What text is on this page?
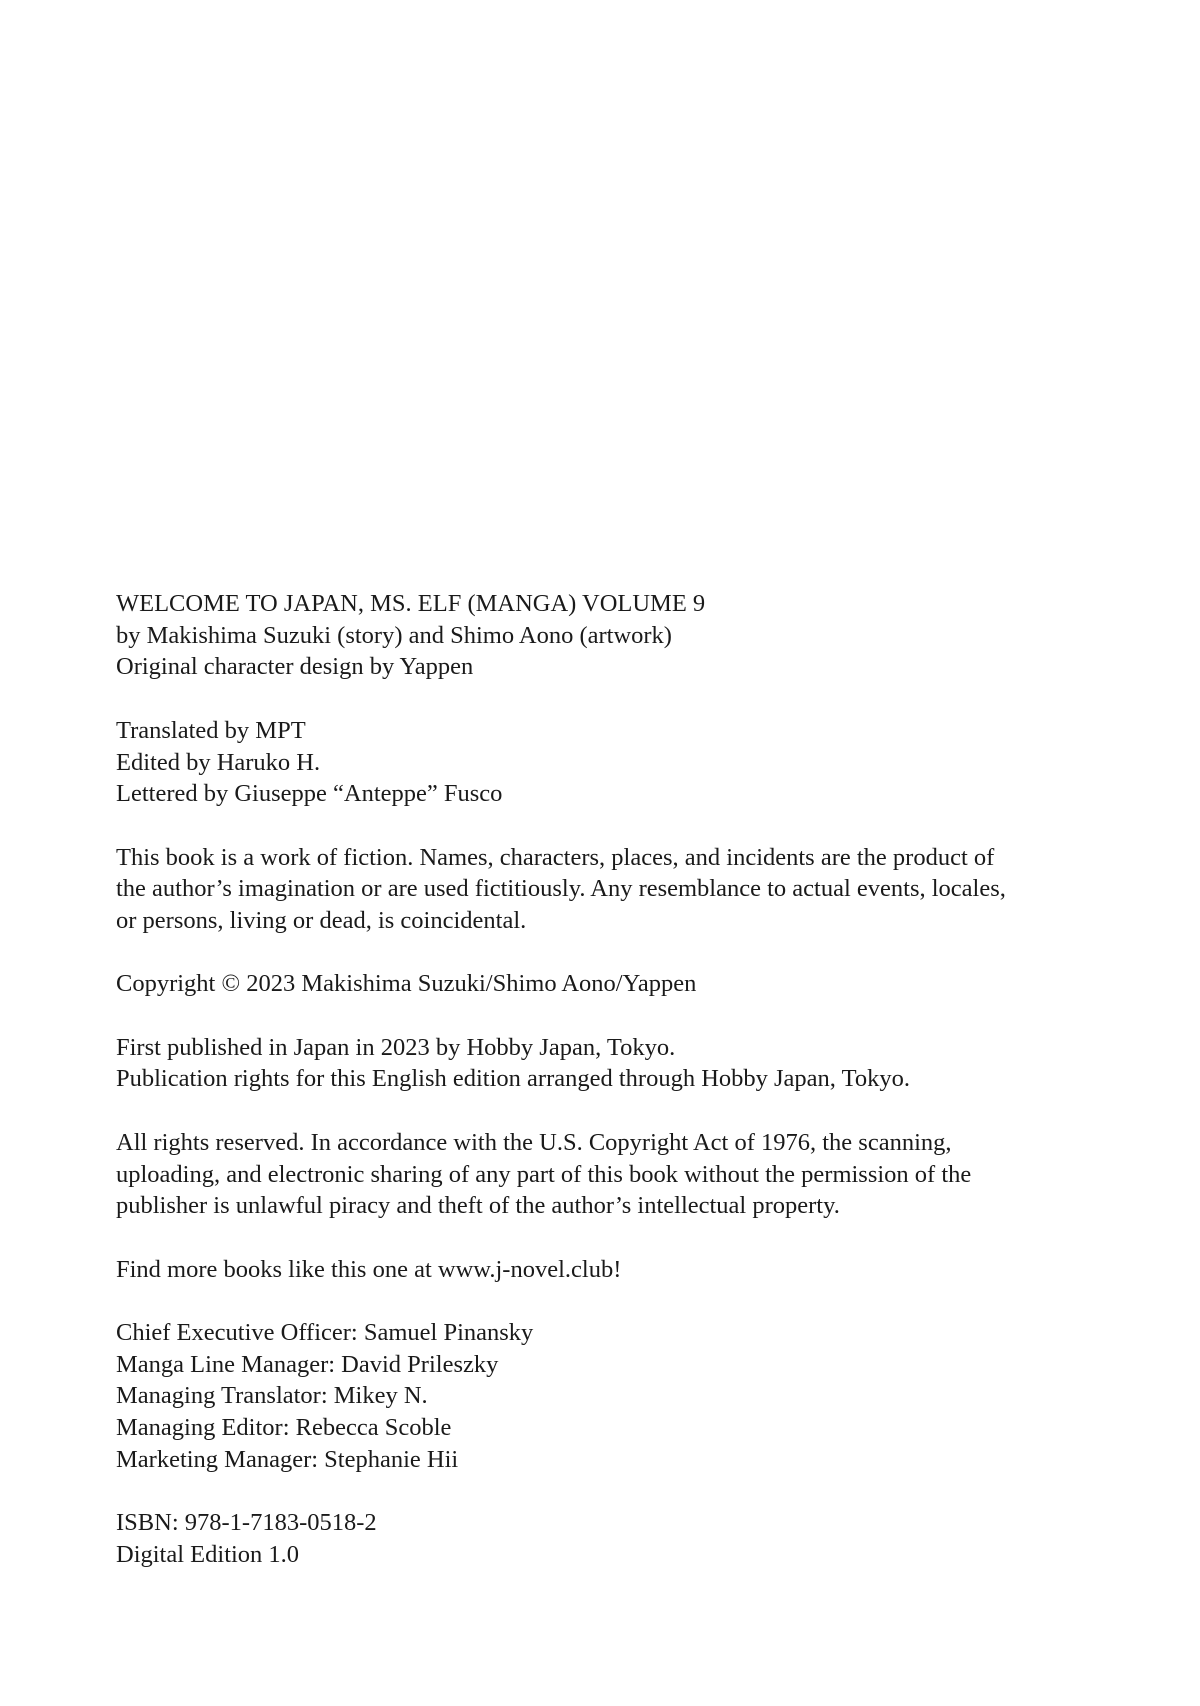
WELCOME TO JAPAN, MS. ELF (MANGA) VOLUME 9
by Makishima Suzuki (story) and Shimo Aono (artwork)
Original character design by Yappen
Translated by MPT
Edited by Haruko H.
Lettered by Giuseppe “Anteppe” Fusco
This book is a work of fiction. Names, characters, places, and incidents are the product of
the author’s imagination or are used fictitiously. Any resemblance to actual events, locales,
or persons, living or dead, is coincidental.
Copyright © 2023 Makishima Suzuki/Shimo Aono/Yappen
First published in Japan in 2023 by Hobby Japan, Tokyo.
Publication rights for this English edition arranged through Hobby Japan, Tokyo.
All rights reserved. In accordance with the U.S. Copyright Act of 1976, the scanning,
uploading, and electronic sharing of any part of this book without the permission of the
publisher is unlawful piracy and theft of the author’s intellectual property.
Find more books like this one at www.j-novel.club!
Chief Executive Officer: Samuel Pinansky
Manga Line Manager: David Prileszky
Managing Translator: Mikey N.
Managing Editor: Rebecca Scoble
Marketing Manager: Stephanie Hii
ISBN: 978-1-7183-0518-2
Digital Edition 1.0
